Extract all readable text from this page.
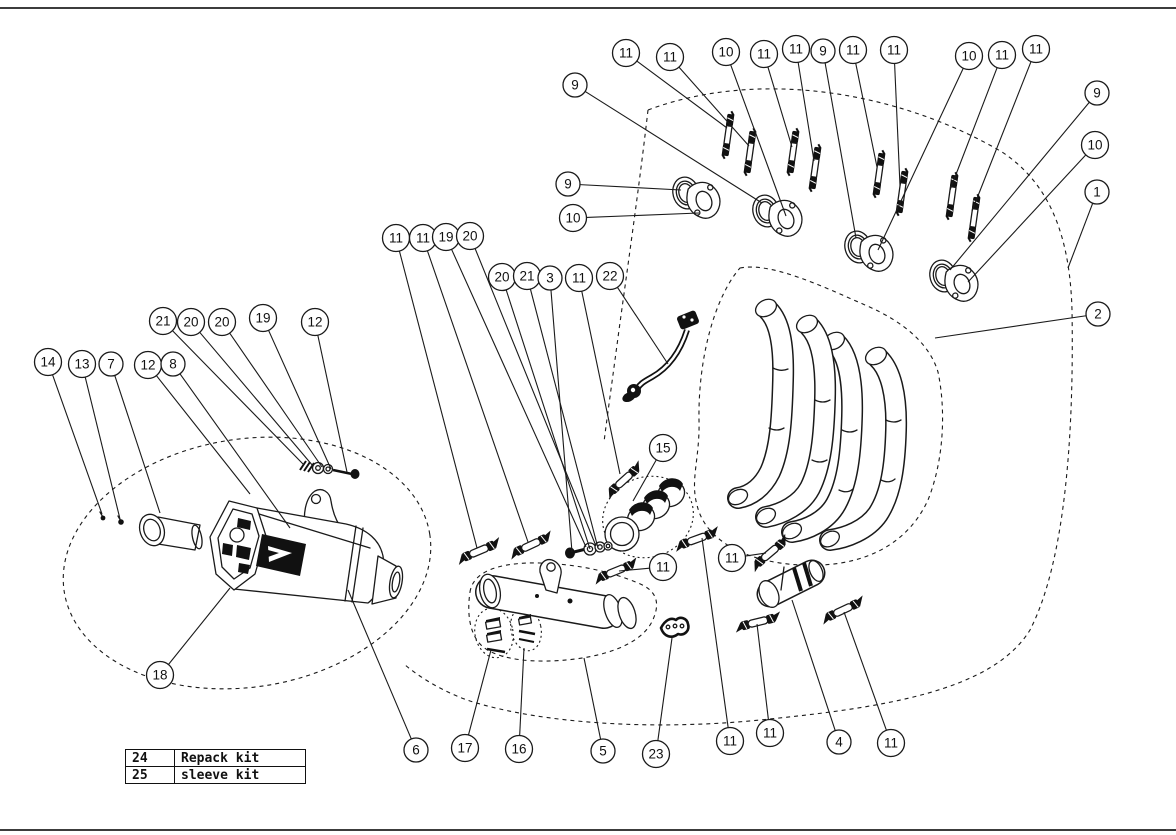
9
11 11	10 11 11 9 11 11	10 11 11
9
10
1
2
9
10
14 13 7 12 8
21 20 20 19	12
11 11 19 20
20 21 3 11 22
15
11
11
18
6	17	16	5	23
11
11
4	11
24	Repack kit
25	sleeve kit
